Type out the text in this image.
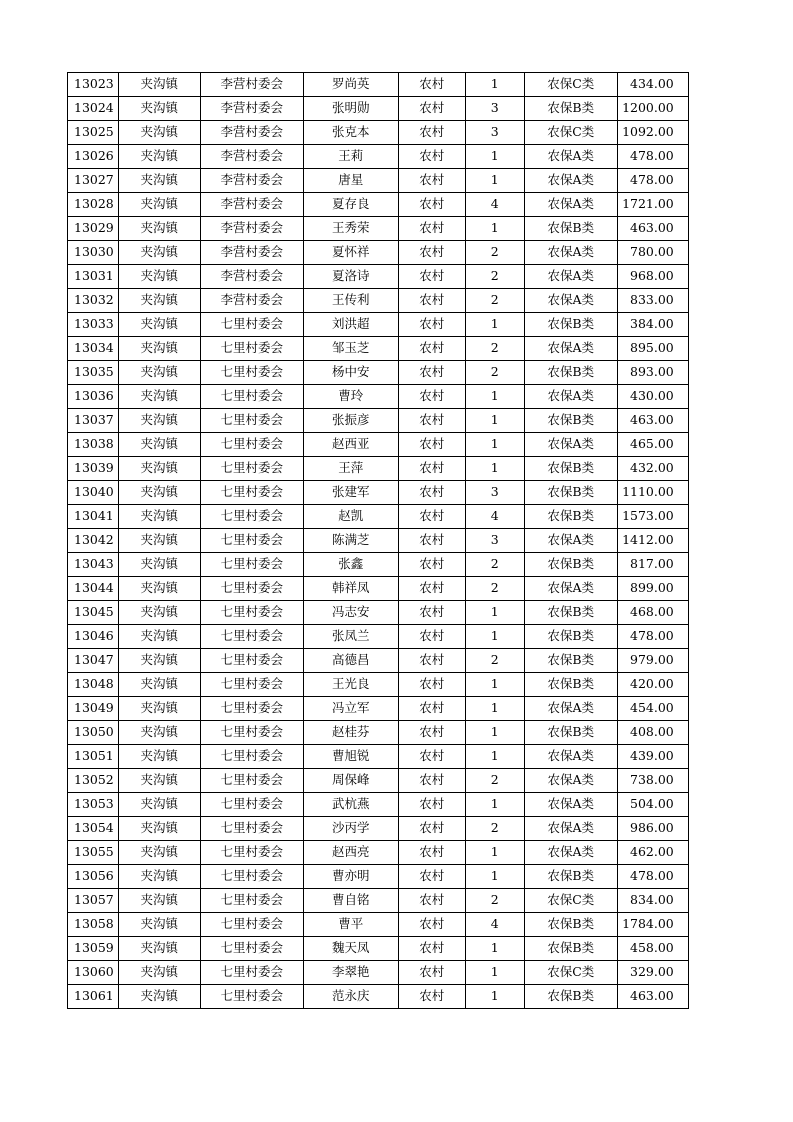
13023	夹沟镇	李营村委会	罗尚英	农村	1	农保C类	434.00
13024	夹沟镇	李营村委会	张明勋	农村	3	农保B类	1200.00
13025	夹沟镇	李营村委会	张克本	农村	3	农保C类	1092.00
13026	夹沟镇	李营村委会	王莉	农村	1	农保A类	478.00
13027	夹沟镇	李营村委会	唐星	农村	1	农保A类	478.00
13028	夹沟镇	李营村委会	夏存良	农村	4	农保A类	1721.00
13029	夹沟镇	李营村委会	王秀荣	农村	1	农保B类	463.00
13030	夹沟镇	李营村委会	夏怀祥	农村	2	农保A类	780.00
13031	夹沟镇	李营村委会	夏洛诗	农村	2	农保A类	968.00
13032	夹沟镇	李营村委会	王传利	农村	2	农保A类	833.00
13033	夹沟镇	七里村委会	刘洪超	农村	1	农保B类	384.00
13034	夹沟镇	七里村委会	邹玉芝	农村	2	农保A类	895.00
13035	夹沟镇	七里村委会	杨中安	农村	2	农保B类	893.00
13036	夹沟镇	七里村委会	曹玲	农村	1	农保A类	430.00
13037	夹沟镇	七里村委会	张振彦	农村	1	农保B类	463.00
13038	夹沟镇	七里村委会	赵西亚	农村	1	农保A类	465.00
13039	夹沟镇	七里村委会	王萍	农村	1	农保B类	432.00
13040	夹沟镇	七里村委会	张建军	农村	3	农保B类	1110.00
13041	夹沟镇	七里村委会	赵凯	农村	4	农保B类	1573.00
13042	夹沟镇	七里村委会	陈满芝	农村	3	农保A类	1412.00
13043	夹沟镇	七里村委会	张鑫	农村	2	农保B类	817.00
13044	夹沟镇	七里村委会	韩祥凤	农村	2	农保A类	899.00
13045	夹沟镇	七里村委会	冯志安	农村	1	农保B类	468.00
13046	夹沟镇	七里村委会	张凤兰	农村	1	农保B类	478.00
13047	夹沟镇	七里村委会	高德昌	农村	2	农保B类	979.00
13048	夹沟镇	七里村委会	王光良	农村	1	农保B类	420.00
13049	夹沟镇	七里村委会	冯立军	农村	1	农保A类	454.00
13050	夹沟镇	七里村委会	赵桂芬	农村	1	农保B类	408.00
13051	夹沟镇	七里村委会	曹旭锐	农村	1	农保A类	439.00
13052	夹沟镇	七里村委会	周保峰	农村	2	农保A类	738.00
13053	夹沟镇	七里村委会	武杭燕	农村	1	农保A类	504.00
13054	夹沟镇	七里村委会	沙丙学	农村	2	农保A类	986.00
13055	夹沟镇	七里村委会	赵西亮	农村	1	农保A类	462.00
13056	夹沟镇	七里村委会	曹亦明	农村	1	农保B类	478.00
13057	夹沟镇	七里村委会	曹自铭	农村	2	农保C类	834.00
13058	夹沟镇	七里村委会	曹平	农村	4	农保B类	1784.00
13059	夹沟镇	七里村委会	魏天凤	农村	1	农保B类	458.00
13060	夹沟镇	七里村委会	李翠艳	农村	1	农保C类	329.00
13061	夹沟镇	七里村委会	范永庆	农村	1	农保B类	463.00
